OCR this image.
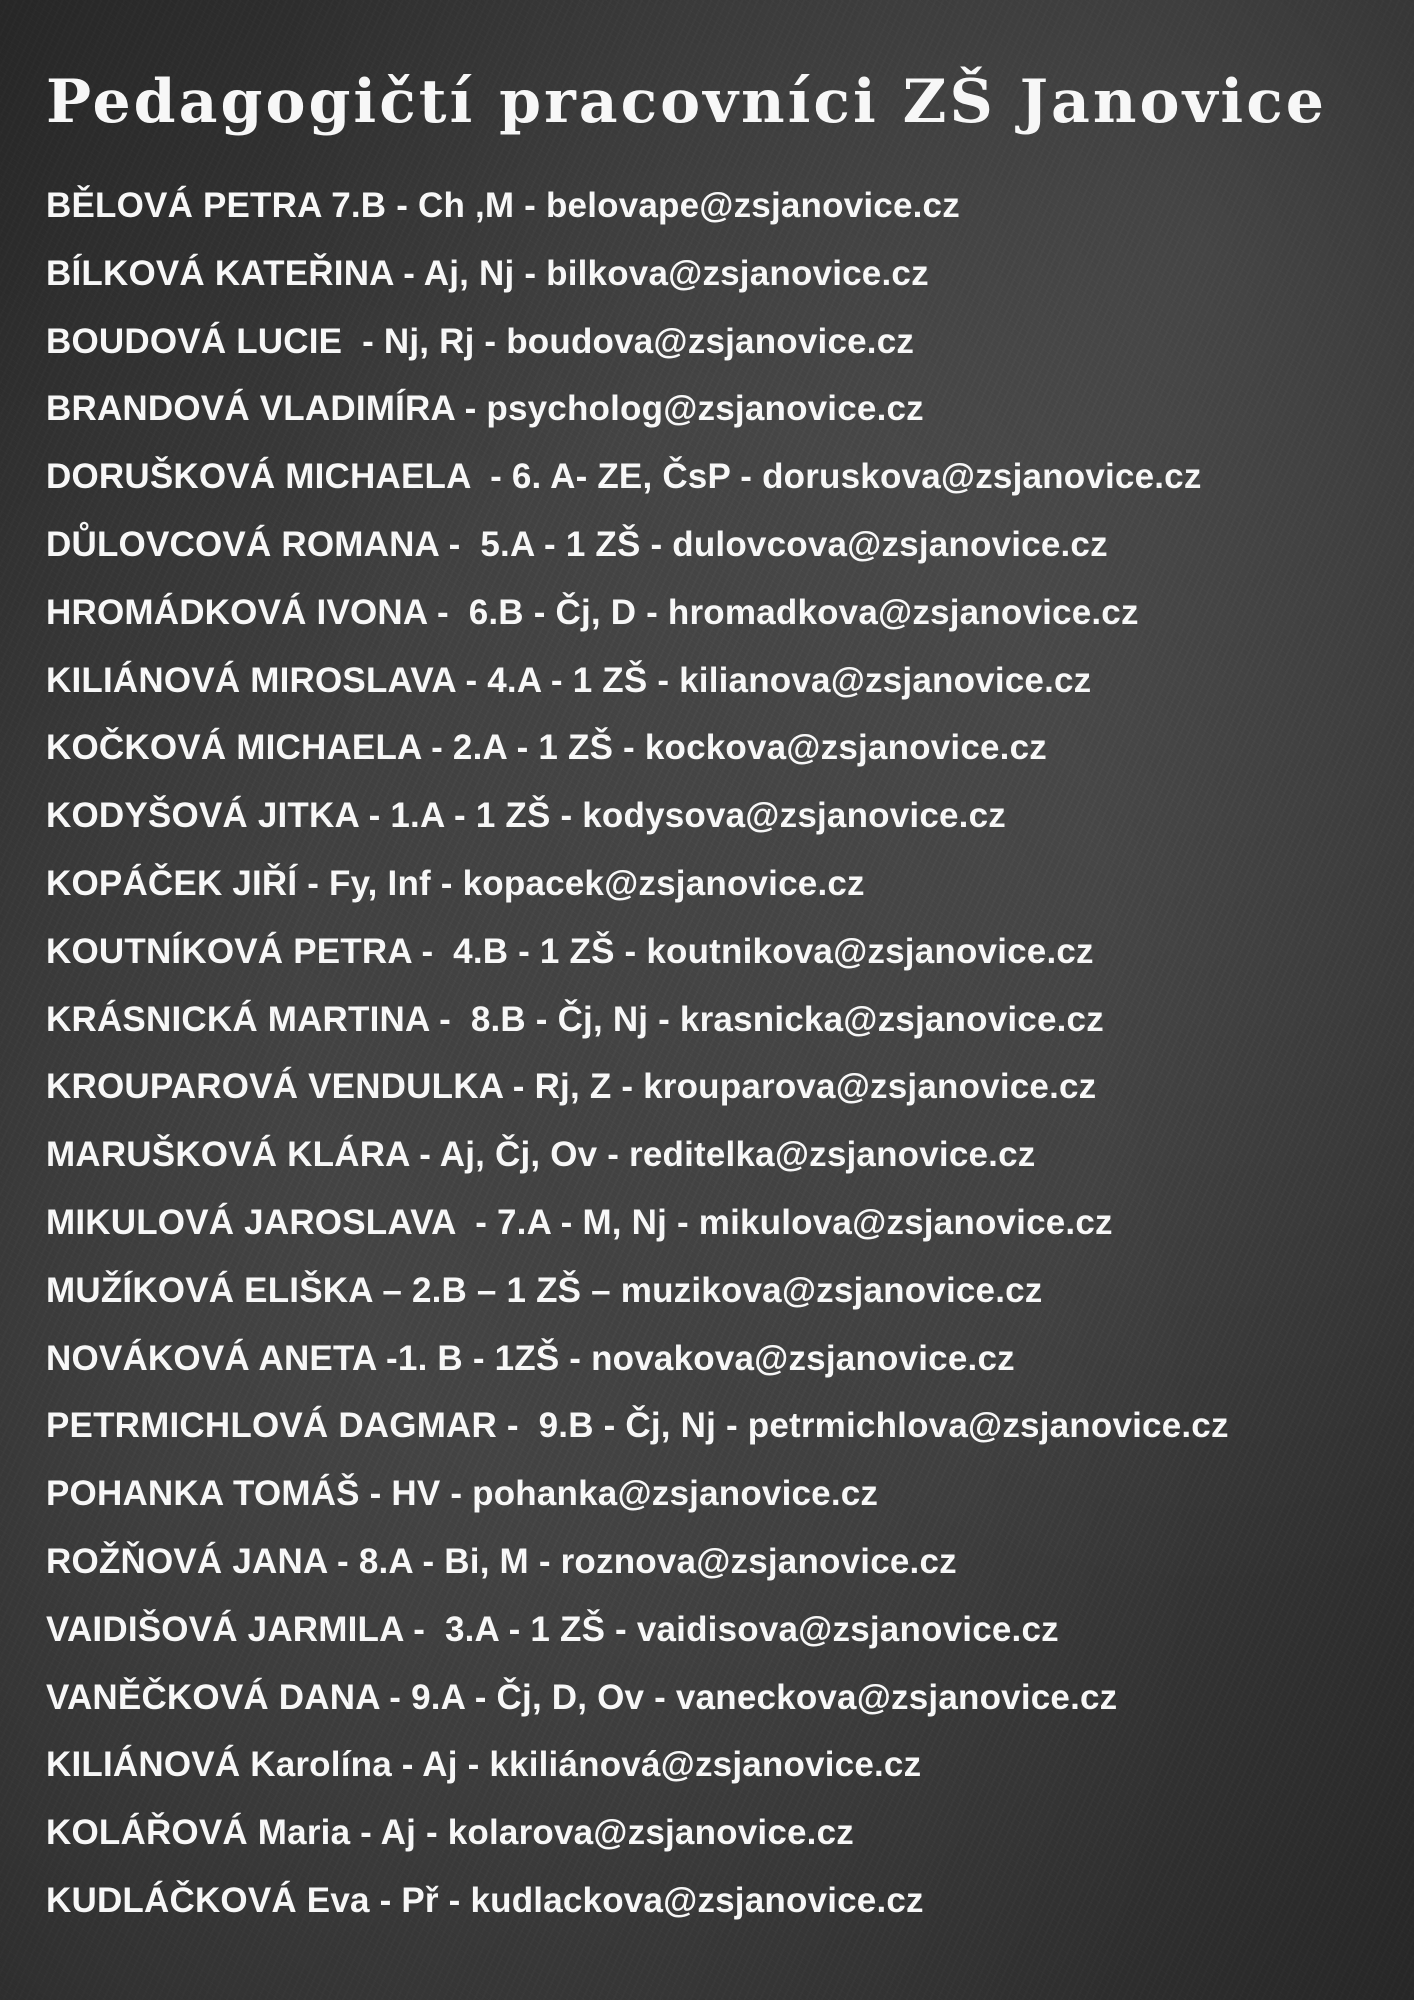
Pedagogičtí pracovníci ZŠ Janovice
BĚLOVÁ PETRA 7.B - Ch ,M - belovape@zsjanovice.cz
BÍLKOVÁ KATEŘINA - Aj, Nj - bilkova@zsjanovice.cz
BOUDOVÁ LUCIE  - Nj, Rj - boudova@zsjanovice.cz
BRANDOVÁ VLADIMÍRA - psycholog@zsjanovice.cz
DORUŠKOVÁ MICHAELA  - 6. A- ZE, ČsP - doruskova@zsjanovice.cz
DŮLOVCOVÁ ROMANA -  5.A - 1 ZŠ - dulovcova@zsjanovice.cz
HROMÁDKOVÁ IVONA -  6.B - Čj, D - hromadkova@zsjanovice.cz
KILIÁNOVÁ MIROSLAVA - 4.A - 1 ZŠ - kilianova@zsjanovice.cz
KOČKOVÁ MICHAELA - 2.A - 1 ZŠ - kockova@zsjanovice.cz
KODYŠOVÁ JITKA - 1.A - 1 ZŠ - kodysova@zsjanovice.cz
KOPÁČEK JIŘÍ - Fy, Inf - kopacek@zsjanovice.cz
KOUTNÍKOVÁ PETRA -  4.B - 1 ZŠ - koutnikova@zsjanovice.cz
KRÁSNICKÁ MARTINA -  8.B - Čj, Nj - krasnicka@zsjanovice.cz
KROUPAROVÁ VENDULKA - Rj, Z - krouparova@zsjanovice.cz
MARUŠKOVÁ KLÁRA - Aj, Čj, Ov - reditelka@zsjanovice.cz
MIKULOVÁ JAROSLAVA  - 7.A - M, Nj - mikulova@zsjanovice.cz
MUŽÍKOVÁ ELIŠKA – 2.B – 1 ZŠ – muzikova@zsjanovice.cz
NOVÁKOVÁ ANETA -1. B - 1ZŠ - novakova@zsjanovice.cz
PETRMICHLOVÁ DAGMAR -  9.B - Čj, Nj - petrmichlova@zsjanovice.cz
POHANKA TOMÁŠ - HV - pohanka@zsjanovice.cz
ROŽŇOVÁ JANA - 8.A - Bi, M - roznova@zsjanovice.cz
VAIDIŠOVÁ JARMILA -  3.A - 1 ZŠ - vaidisova@zsjanovice.cz
VANĚČKOVÁ DANA - 9.A - Čj, D, Ov - vaneckova@zsjanovice.cz
KILIÁNOVÁ Karolína - Aj - kkiliánová@zsjanovice.cz
KOLÁŘOVÁ Maria - Aj - kolarova@zsjanovice.cz
KUDLÁČKOVÁ Eva - Př - kudlackova@zsjanovice.cz
